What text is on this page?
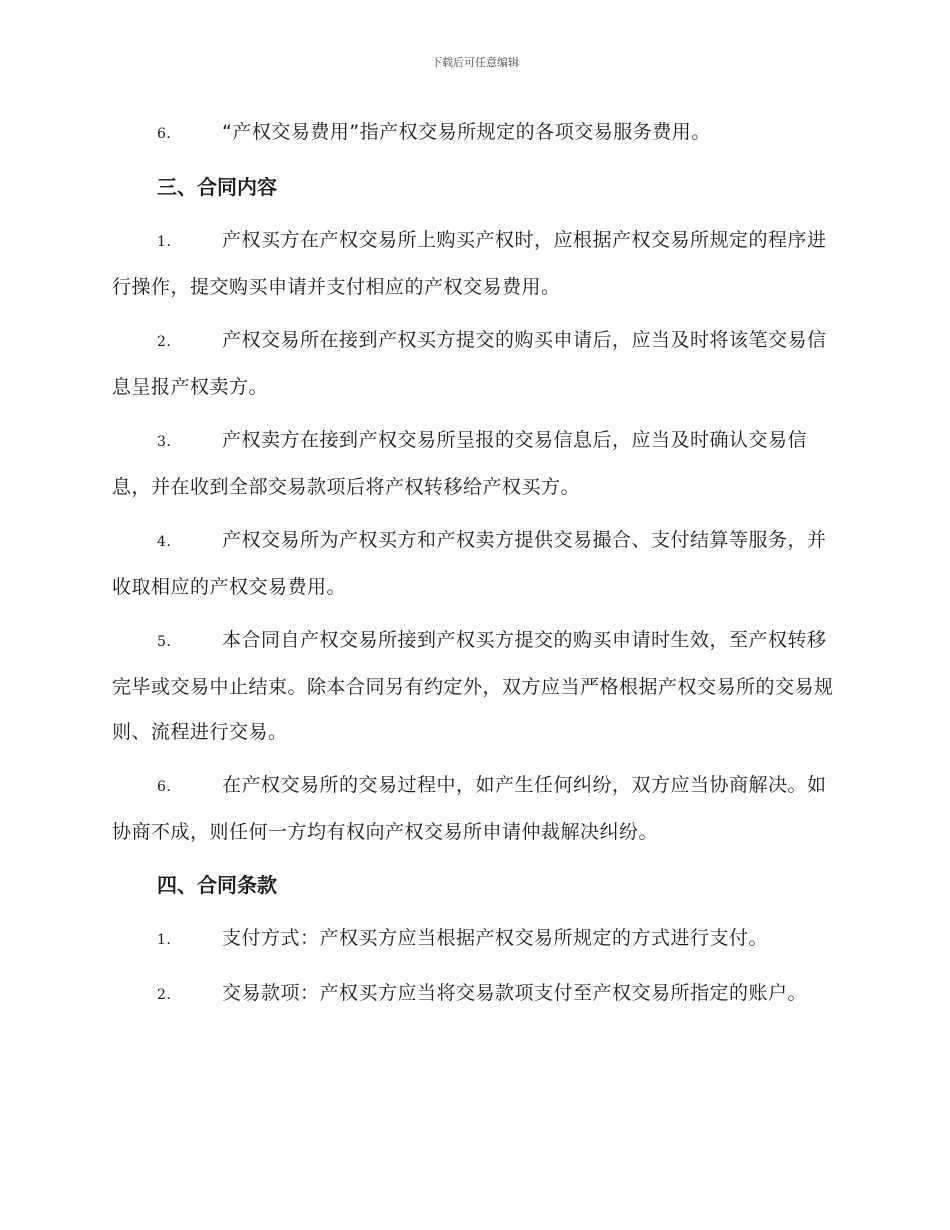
下载后可任意编辑

6.	“产权交易费用”指产权交易所规定的各项交易服务费用。

三、合同内容

1.	产权买方在产权交易所上购买产权时，应根据产权交易所规定的程序进行操作，提交购买申请并支付相应的产权交易费用。

2.	产权交易所在接到产权买方提交的购买申请后，应当及时将该笔交易信息呈报产权卖方。

3.	产权卖方在接到产权交易所呈报的交易信息后，应当及时确认交易信息，并在收到全部交易款项后将产权转移给产权买方。

4.	产权交易所为产权买方和产权卖方提供交易撮合、支付结算等服务，并收取相应的产权交易费用。

5.	本合同自产权交易所接到产权买方提交的购买申请时生效，至产权转移完毕或交易中止结束。除本合同另有约定外，双方应当严格根据产权交易所的交易规则、流程进行交易。

6.	在产权交易所的交易过程中，如产生任何纠纷，双方应当协商解决。如协商不成，则任何一方均有权向产权交易所申请仲裁解决纠纷。

四、合同条款

1.	支付方式：产权买方应当根据产权交易所规定的方式进行支付。

2.	交易款项：产权买方应当将交易款项支付至产权交易所指定的账户。
